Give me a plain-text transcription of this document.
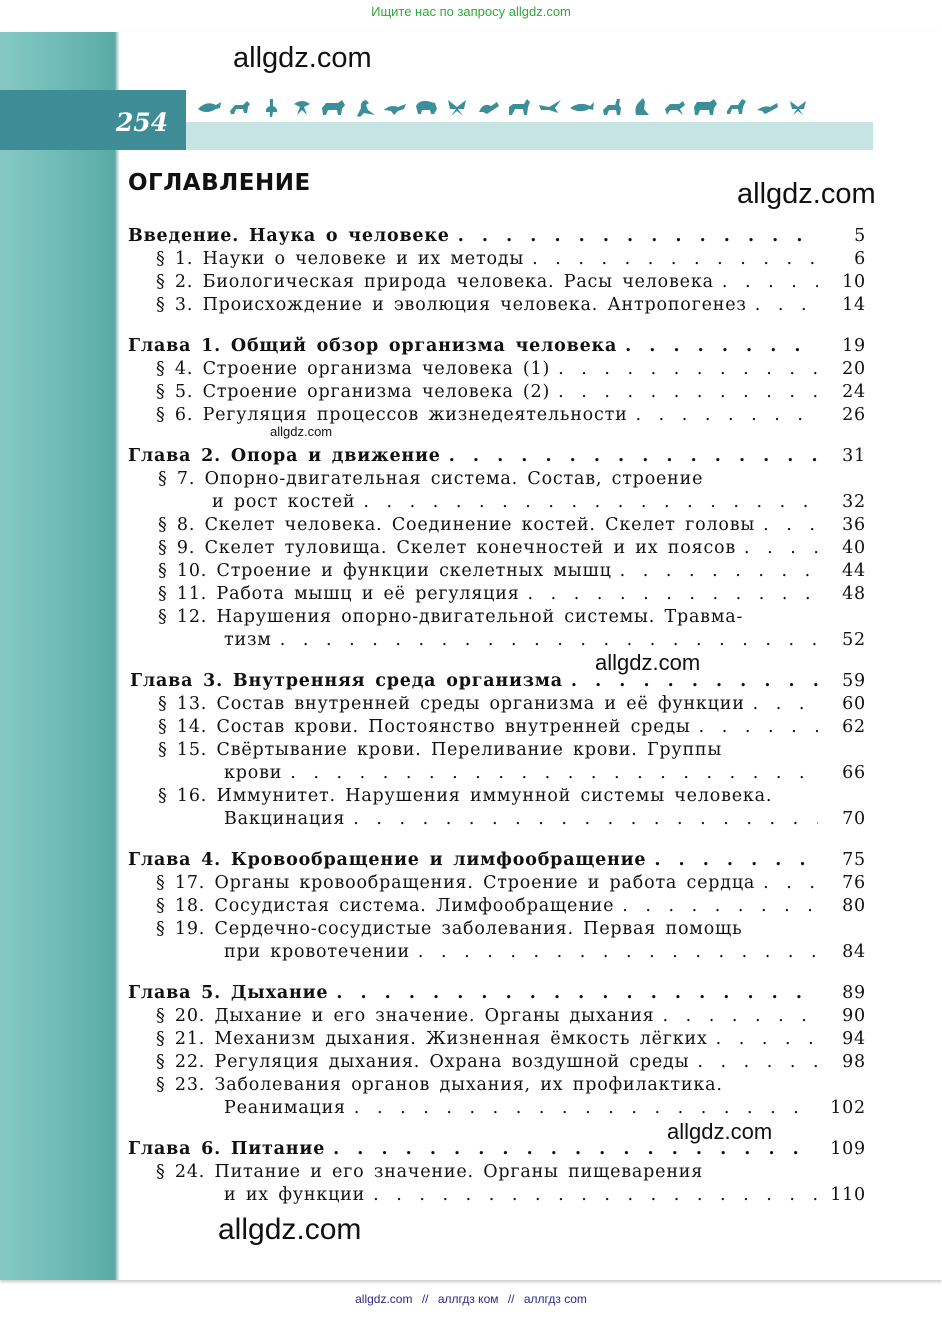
Ищите нас по запросу allgdz.com
254
allgdz.com
allgdz.com
allgdz.com
allgdz.com
allgdz.com
allgdz.com
ОГЛАВЛЕНИЕ
Введение. Наука о человеке . . .	5
§ 1. Науки о человеке и их методы . . .	6
§ 2. Биологическая природа человека. Расы человека . . .	10
§ 3. Происхождение и эволюция человека. Антропогенез . . .	14
Глава 1. Общий обзор организма человека . . .	19
§ 4. Строение организма человека (1) . . .	20
§ 5. Строение организма человека (2) . . .	24
§ 6. Регуляция процессов жизнедеятельности . . .	26
Глава 2. Опора и движение . . .	31
§ 7. Опорно-двигательная система. Состав, строение
и рост костей . . .	32
§ 8. Скелет человека. Соединение костей. Скелет головы . . .	36
§ 9. Скелет туловища. Скелет конечностей и их поясов . . .	40
§ 10. Строение и функции скелетных мышц . . .	44
§ 11. Работа мышц и её регуляция . . .	48
§ 12. Нарушения опорно-двигательной системы. Травма-
тизм . . .	52
Глава 3. Внутренняя среда организма . . .	59
§ 13. Состав внутренней среды организма и её функции . . .	60
§ 14. Состав крови. Постоянство внутренней среды . . .	62
§ 15. Свёртывание крови. Переливание крови. Группы
крови . . .	66
§ 16. Иммунитет. Нарушения иммунной системы человека.
Вакцинация . . .	70
Глава 4. Кровообращение и лимфообращение . . .	75
§ 17. Органы кровообращения. Строение и работа сердца . . .	76
§ 18. Сосудистая система. Лимфообращение . . .	80
§ 19. Сердечно-сосудистые заболевания. Первая помощь
при кровотечении . . .	84
Глава 5. Дыхание . . .	89
§ 20. Дыхание и его значение. Органы дыхания . . .	90
§ 21. Механизм дыхания. Жизненная ёмкость лёгких . . .	94
§ 22. Регуляция дыхания. Охрана воздушной среды . . .	98
§ 23. Заболевания органов дыхания, их профилактика.
Реанимация . . .	102
Глава 6. Питание . . .	109
§ 24. Питание и его значение. Органы пищеварения
и их функции . . .	110
allgdz.com // аллгдз ком // аллгдз com
